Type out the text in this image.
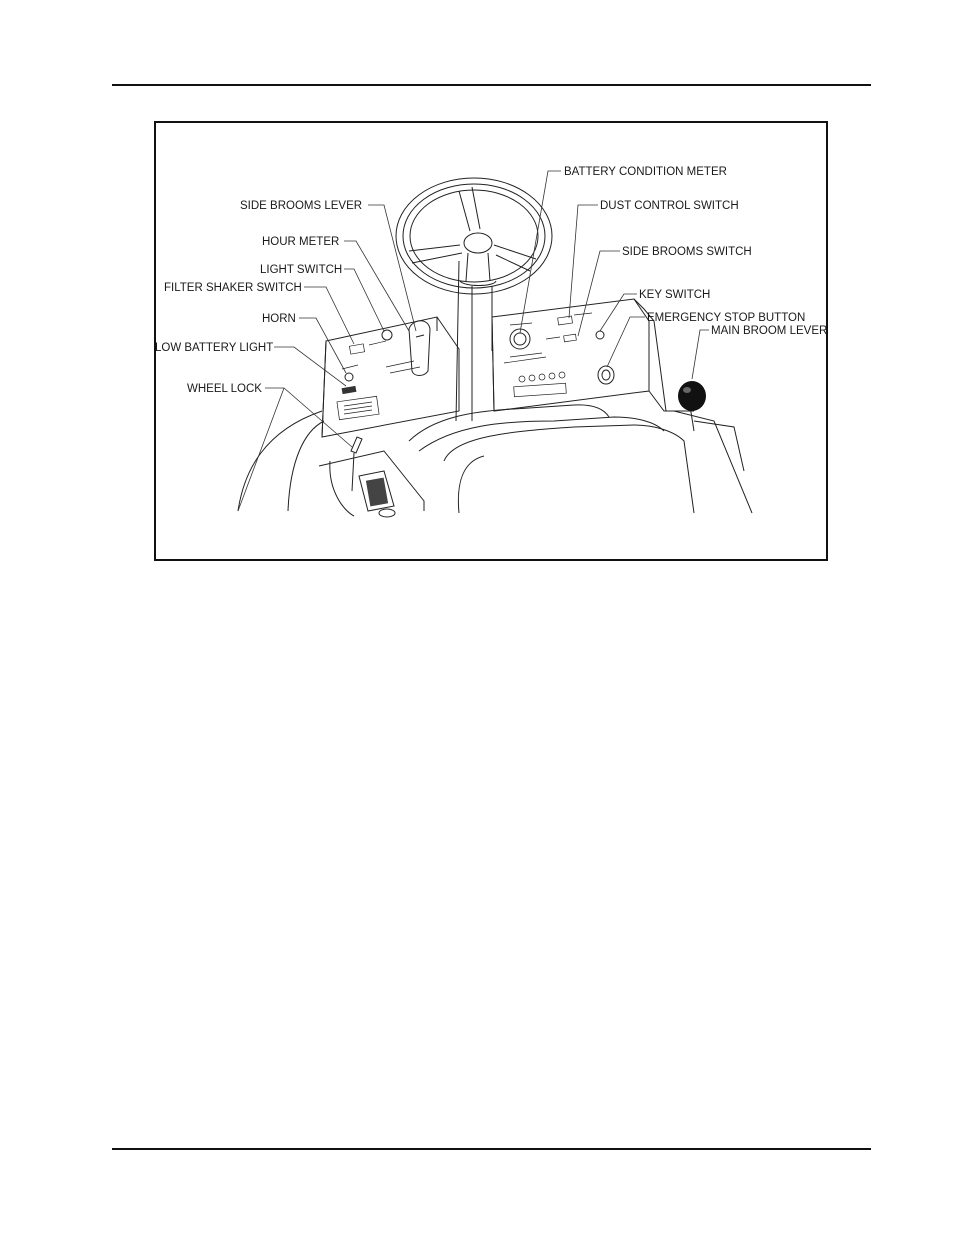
BATTERY CONDITION METER
SIDE BROOMS LEVER	DUST CONTROL SWITCH
HOUR METER
SIDE BROOMS SWITCH
LIGHT SWITCH
FILTER SHAKER SWITCH
KEY SWITCH
HORN	EMERGENCY STOP BUTTON
MAIN BROOM LEVER
LOW BATTERY LIGHT
WHEEL LOCK
